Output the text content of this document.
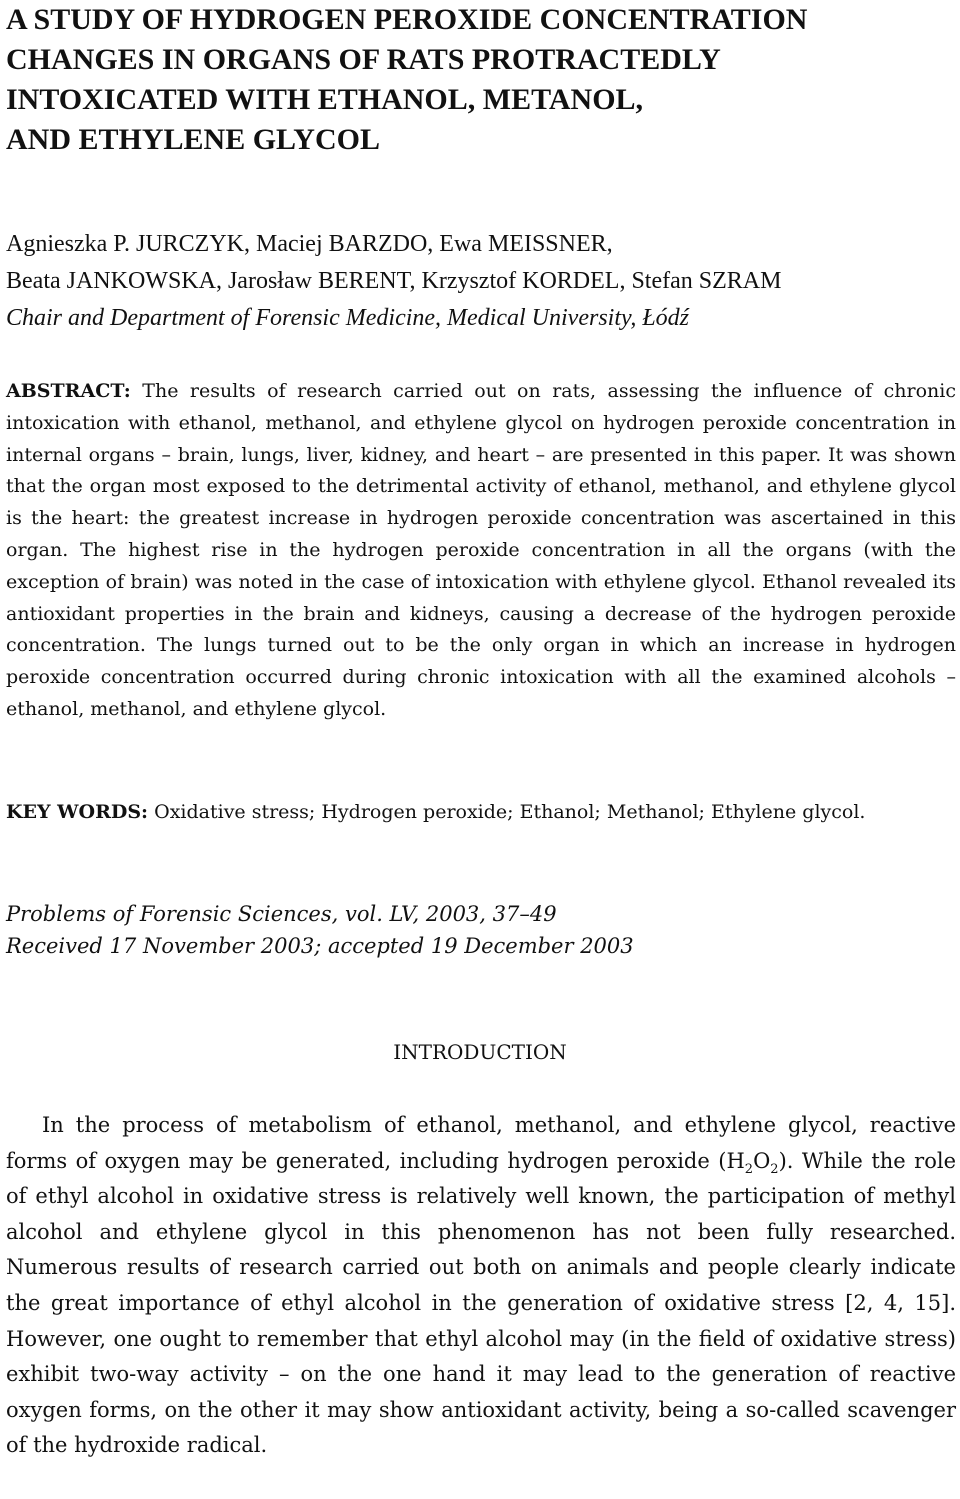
A STUDY OF HYDROGEN PEROXIDE CONCENTRATION
CHANGES IN ORGANS OF RATS PROTRACTEDLY
INTOXICATED WITH ETHANOL, METANOL,
AND ETHYLENE GLYCOL
Agnieszka P. JURCZYK, Maciej BARZDO, Ewa MEISSNER,
Beata JANKOWSKA, Jarosław BERENT, Krzysztof KORDEL, Stefan SZRAM
Chair and Department of Forensic Medicine, Medical University, Łódź

ABSTRACT: The results of research carried out on rats, assessing the influence of chronic intoxication with ethanol, methanol, and ethylene glycol on hydrogen peroxide concentration in internal organs – brain, lungs, liver, kidney, and heart – are presented in this paper. It was shown that the organ most exposed to the detrimental activity of ethanol, methanol, and ethylene glycol is the heart: the greatest increase in hydrogen peroxide concentration was ascertained in this organ. The highest rise in the hydrogen peroxide concentration in all the organs (with the exception of brain) was noted in the case of intoxication with ethylene glycol. Ethanol revealed its antioxidant properties in the brain and kidneys, causing a decrease of the hydrogen peroxide concentration. The lungs turned out to be the only organ in which an increase in hydrogen peroxide concentration occurred during chronic intoxication with all the examined alcohols – ethanol, methanol, and ethylene glycol.

KEY WORDS: Oxidative stress; Hydrogen peroxide; Ethanol; Methanol; Ethylene glycol.

Problems of Forensic Sciences, vol. LV, 2003, 37–49
Received 17 November 2003; accepted 19 December 2003
INTRODUCTION

In the process of metabolism of ethanol, methanol, and ethylene glycol, reactive forms of oxygen may be generated, including hydrogen peroxide $(H_2O_2)$. While the role of ethyl alcohol in oxidative stress is relatively well known, the participation of methyl alcohol and ethylene glycol in this phenomenon has not been fully researched. Numerous results of research carried out both on animals and people clearly indicate the great importance of ethyl alcohol in the generation of oxidative stress [2, 4, 15]. However, one ought to remember that ethyl alcohol may (in the field of oxidative stress) exhibit two-way activity – on the one hand it may lead to the generation of reactive oxygen forms, on the other it may show antioxidant activity, being a so-called scavenger of the hydroxide radical.
